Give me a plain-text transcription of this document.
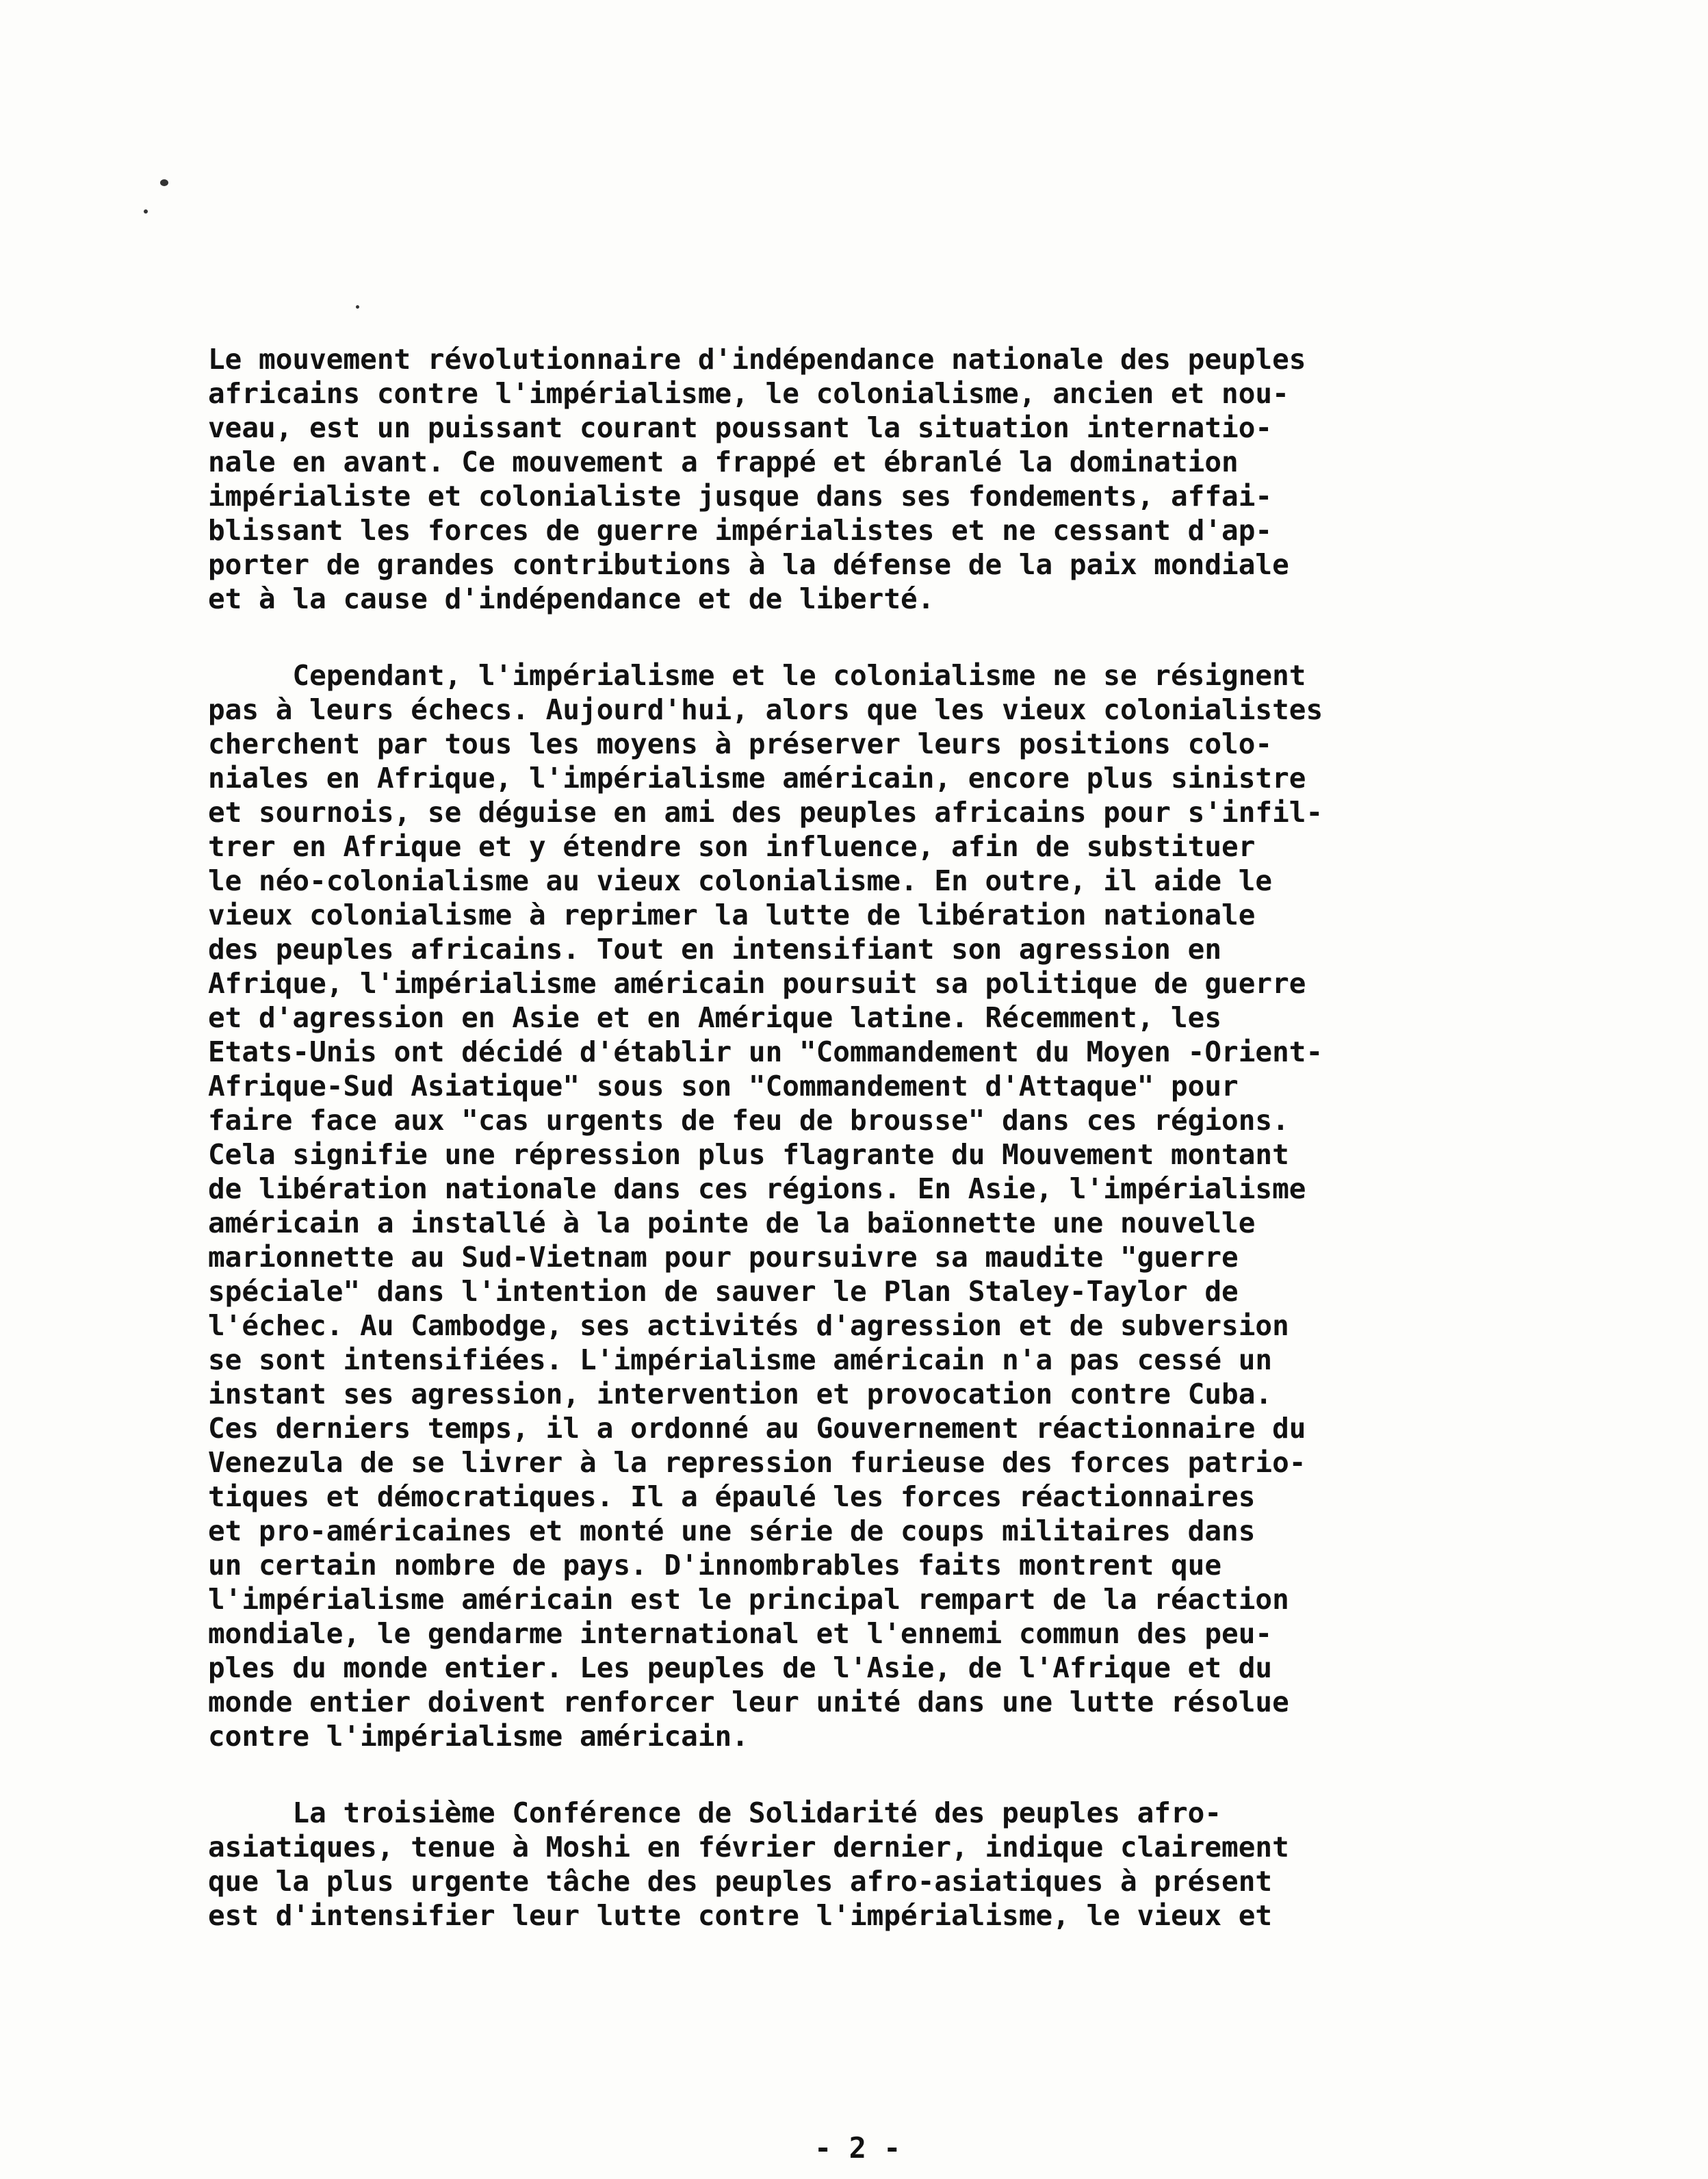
Le mouvement révolutionnaire d'indépendance nationale des peuples
africains contre l'impérialisme, le colonialisme, ancien et nou-
veau, est un puissant courant poussant la situation internatio-
nale en avant. Ce mouvement a frappé et ébranlé la domination
impérialiste et colonialiste jusque dans ses fondements, affai-
blissant les forces de guerre impérialistes et ne cessant d'ap-
porter de grandes contributions à la défense de la paix mondiale
et à la cause d'indépendance et de liberté.
Cependant, l'impérialisme et le colonialisme ne se résignent
pas à leurs échecs. Aujourd'hui, alors que les vieux colonialistes
cherchent par tous les moyens à préserver leurs positions colo-
niales en Afrique, l'impérialisme américain, encore plus sinistre
et sournois, se déguise en ami des peuples africains pour s'infil-
trer en Afrique et y étendre son influence, afin de substituer
le néo-colonialisme au vieux colonialisme. En outre, il aide le
vieux colonialisme à reprimer la lutte de libération nationale
des peuples africains. Tout en intensifiant son agression en
Afrique, l'impérialisme américain poursuit sa politique de guerre
et d'agression en Asie et en Amérique latine. Récemment, les
Etats-Unis ont décidé d'établir un "Commandement du Moyen -Orient-
Afrique-Sud Asiatique" sous son "Commandement d'Attaque" pour
faire face aux "cas urgents de feu de brousse" dans ces régions.
Cela signifie une répression plus flagrante du Mouvement montant
de libération nationale dans ces régions. En Asie, l'impérialisme
américain a installé à la pointe de la baïonnette une nouvelle
marionnette au Sud-Vietnam pour poursuivre sa maudite "guerre
spéciale" dans l'intention de sauver le Plan Staley-Taylor de
l'échec. Au Cambodge, ses activités d'agression et de subversion
se sont intensifiées. L'impérialisme américain n'a pas cessé un
instant ses agression, intervention et provocation contre Cuba.
Ces derniers temps, il a ordonné au Gouvernement réactionnaire du
Venezula de se livrer à la repression furieuse des forces patrio-
tiques et démocratiques. Il a épaulé les forces réactionnaires
et pro-américaines et monté une série de coups militaires dans
un certain nombre de pays. D'innombrables faits montrent que
l'impérialisme américain est le principal rempart de la réaction
mondiale, le gendarme international et l'ennemi commun des peu-
ples du monde entier. Les peuples de l'Asie, de l'Afrique et du
monde entier doivent renforcer leur unité dans une lutte résolue
contre l'impérialisme américain.
La troisième Conférence de Solidarité des peuples afro-
asiatiques, tenue à Moshi en février dernier, indique clairement
que la plus urgente tâche des peuples afro-asiatiques à présent
est d'intensifier leur lutte contre l'impérialisme, le vieux et
- 2 -
